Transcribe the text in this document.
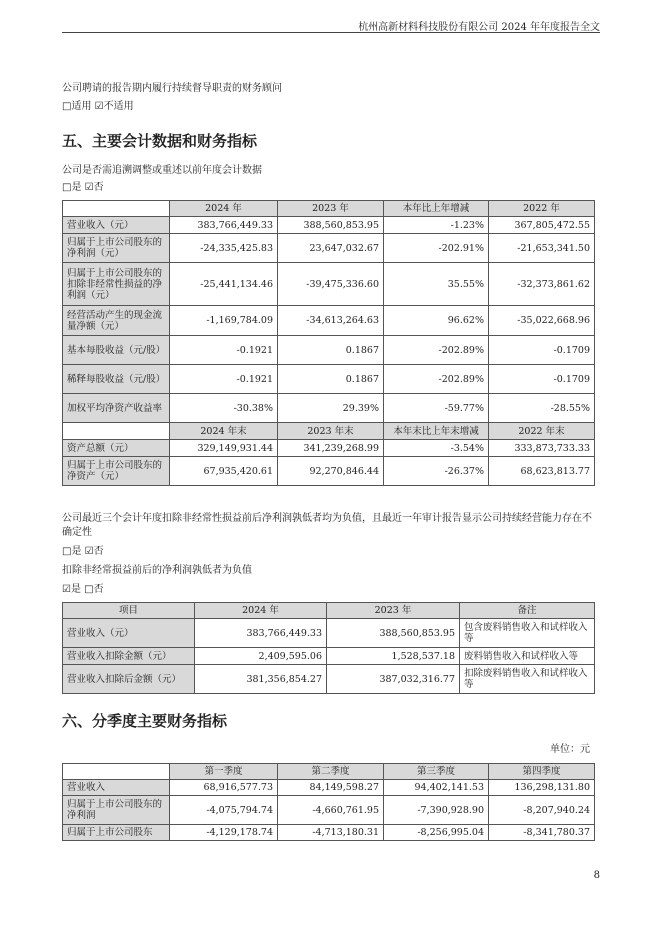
杭州高新材料科技股份有限公司 2024 年年度报告全文
公司聘请的报告期内履行持续督导职责的财务顾问
□适用 ☑不适用
五、主要会计数据和财务指标
公司是否需追溯调整或重述以前年度会计数据
□是 ☑否
	2024 年	2023 年	本年比上年增减	2022 年
营业收入（元）	383,766,449.33	388,560,853.95	-1.23%	367,805,472.55
归属于上市公司股东的净利润（元）	-24,335,425.83	23,647,032.67	-202.91%	-21,653,341.50
归属于上市公司股东的扣除非经常性损益的净利润（元）	-25,441,134.46	-39,475,336.60	35.55%	-32,373,861.62
经营活动产生的现金流量净额（元）	-1,169,784.09	-34,613,264.63	96.62%	-35,022,668.96
基本每股收益（元/股）	-0.1921	0.1867	-202.89%	-0.1709
稀释每股收益（元/股）	-0.1921	0.1867	-202.89%	-0.1709
加权平均净资产收益率	-30.38%	29.39%	-59.77%	-28.55%
	2024 年末	2023 年末	本年末比上年末增减	2022 年末
资产总额（元）	329,149,931.44	341,239,268.99	-3.54%	333,873,733.33
归属于上市公司股东的净资产（元）	67,935,420.61	92,270,846.44	-26.37%	68,623,813.77
公司最近三个会计年度扣除非经常性损益前后净利润孰低者均为负值，且最近一年审计报告显示公司持续经营能力存在不确定性
□是 ☑否
扣除非经常损益前后的净利润孰低者为负值
☑是 □否
项目	2024 年	2023 年	备注
营业收入（元）	383,766,449.33	388,560,853.95	包含废料销售收入和试样收入等
营业收入扣除金额（元）	2,409,595.06	1,528,537.18	废料销售收入和试样收入等
营业收入扣除后金额（元）	381,356,854.27	387,032,316.77	扣除废料销售收入和试样收入等
六、分季度主要财务指标
单位：元
	第一季度	第二季度	第三季度	第四季度
营业收入	68,916,577.73	84,149,598.27	94,402,141.53	136,298,131.80
归属于上市公司股东的净利润	-4,075,794.74	-4,660,761.95	-7,390,928.90	-8,207,940.24
归属于上市公司股东	-4,129,178.74	-4,713,180.31	-8,256,995.04	-8,341,780.37
8
